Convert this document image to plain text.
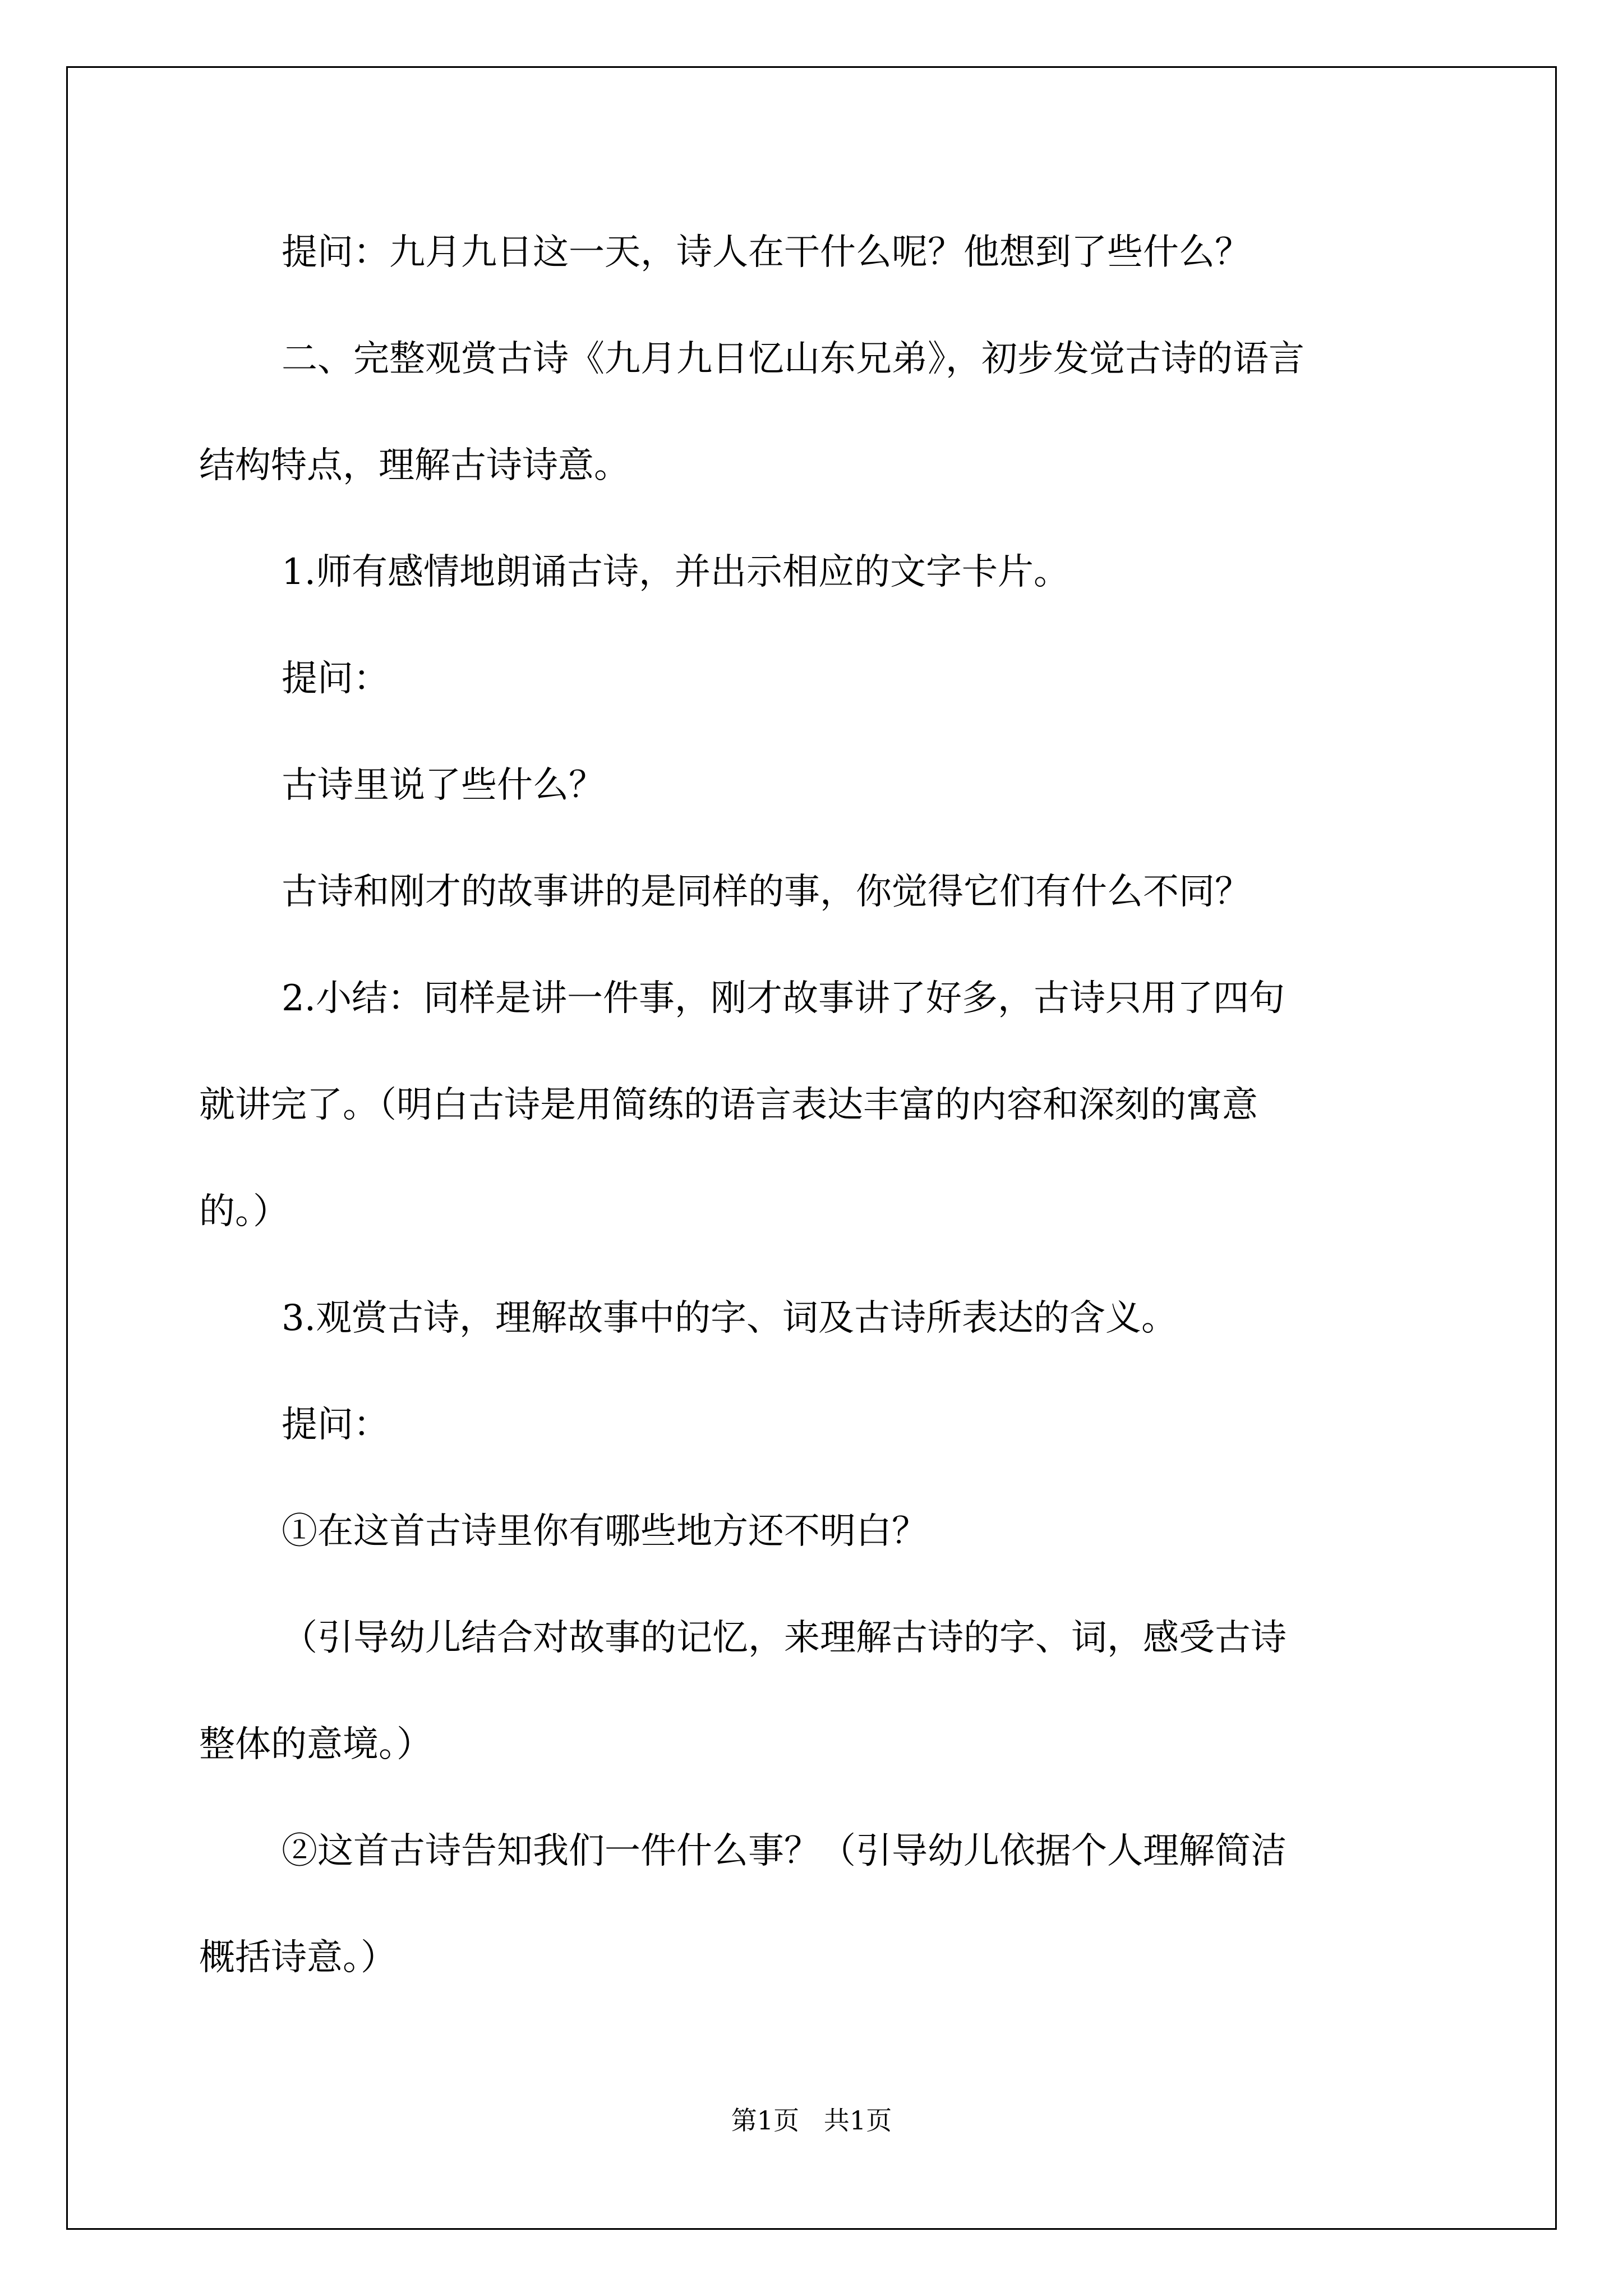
提问：九月九日这一天，诗人在干什么呢？他想到了些什么？
二、完整观赏古诗《九月九日忆山东兄弟》，初步发觉古诗的语言
结构特点，理解古诗诗意。
1.师有感情地朗诵古诗，并出示相应的文字卡片。
提问：
古诗里说了些什么？
古诗和刚才的故事讲的是同样的事，你觉得它们有什么不同？
2.小结：同样是讲一件事，刚才故事讲了好多，古诗只用了四句
就讲完了。（明白古诗是用简练的语言表达丰富的内容和深刻的寓意
的。）
3.观赏古诗，理解故事中的字、词及古诗所表达的含义。
提问：
①在这首古诗里你有哪些地方还不明白？
（引导幼儿结合对故事的记忆，来理解古诗的字、词，感受古诗
整体的意境。）
②这首古诗告知我们一件什么事？（引导幼儿依据个人理解简洁
概括诗意。）
第1页   共1页
